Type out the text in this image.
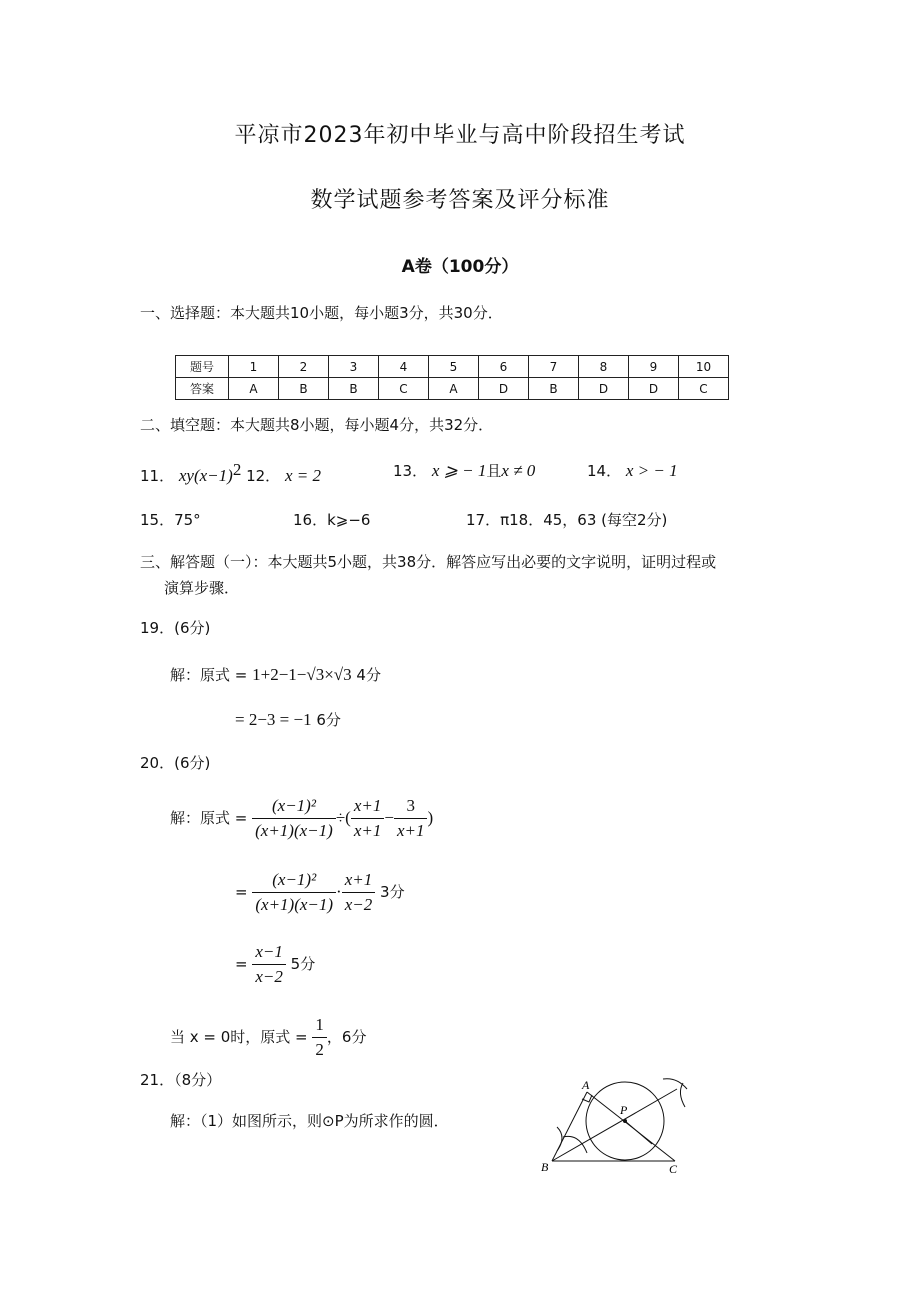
平凉市2023年初中毕业与高中阶段招生考试
数学试题参考答案及评分标准
A卷（100分）
一、选择题：本大题共10小题，每小题3分，共30分．
题号	1	2	3	4	5	6	7	8	9	10
答案	A	B	B	C	A	D	B	D	D	C
二、填空题：本大题共8小题，每小题4分，共32分．
11． $xy(x-1)^2$ 12． x = 2	13． x ⩾ − 1且x ≠ 0	14． x > − 1
15．75°	16．k⩾−6	17．π18．45，63 (每空2分)
三、解答题（一）：本大题共5小题，共38分．解答应写出必要的文字说明，证明过程或
演算步骤．
19．(6分)
解：原式 = 1+2−1−√3×√3 4分
= 2−3 = −1 6分
20．(6分)
解：原式 = $\frac{\text{(x−1)²}}{(x+1)(x-1)}$ ÷( $\frac{x+1}{x+1} - \frac{3}{x+1}$ )
= $\frac{\text{(x−1)²}}{(x+1)(x-1)} \cdot \frac{x+1}{x-2} 3$分
= $\frac{x-1}{x-2} 5$分
当 x = 0时，原式 = $\frac{1}{2}$ ，6分
21．（8分）
解：（1）如图所示，则⊙P为所求作的圆．
A
B	C
P
